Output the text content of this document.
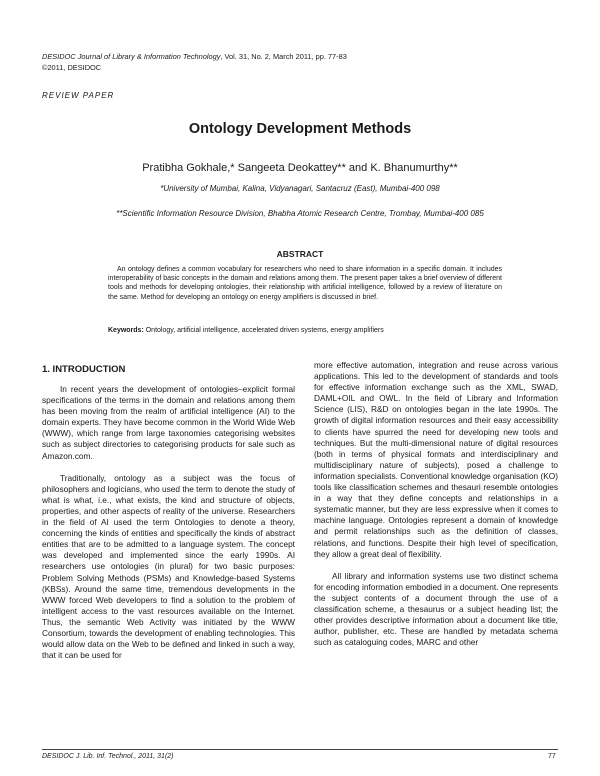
DESIDOC Journal of Library & Information Technology, Vol. 31, No. 2, March 2011, pp. 77-83
©2011, DESIDOC
REVIEW PAPER
Ontology Development Methods
Pratibha Gokhale,* Sangeeta Deokattey** and K. Bhanumurthy**
*University of Mumbai, Kalina, Vidyanagari, Santacruz (East), Mumbai-400 098
**Scientific Information Resource Division, Bhabha Atomic Research Centre, Trombay, Mumbai-400 085
ABSTRACT
An ontology defines a common vocabulary for researchers who need to share information in a specific domain. It includes interoperability of basic concepts in the domain and relations among them. The present paper takes a brief overview of different tools and methods for developing ontologies, their relationship with artificial intelligence, followed by a review of literature on the same. Method for developing an ontology on energy amplifiers is discussed in brief.
Keywords: Ontology, artificial intelligence, accelerated driven systems, energy amplifiers
1. INTRODUCTION

In recent years the development of ontologies–explicit formal specifications of the terms in the domain and relations among them has been moving from the realm of artificial intelligence (AI) to the domain experts. They have become common in the World Wide Web (WWW), which range from large taxonomies categorising websites such as subject directories to categorising products for sale such as Amazon.com.

Traditionally, ontology as a subject was the focus of philosophers and logicians, who used the term to denote the study of what is what, i.e., what exists, the kind and structure of objects, properties, and other aspects of reality of the universe. Researchers in the field of AI used the term Ontologies to denote a theory, concerning the kinds of entities and specifically the kinds of abstract entities that are to be admitted to a language system. The concept was developed and implemented since the early 1990s. AI researchers use ontologies (in plural) for two basic purposes: Problem Solving Methods (PSMs) and Knowledge-based Systems (KBSs). Around the same time, tremendous developments in the WWW forced Web developers to find a solution to the problem of intelligent access to the vast resources available on the Internet. Thus, the semantic Web Activity was initiated by the WWW Consortium, towards the development of enabling technologies. This would allow data on the Web to be defined and linked in such a way, that it can be used for

more effective automation, integration and reuse across various applications. This led to the development of standards and tools for effective information exchange such as the XML, SWAD, DAML+OIL and OWL. In the field of Library and Information Science (LIS), R&D on ontologies began in the late 1990s. The growth of digital information resources and their easy accessibility to clients have spurred the need for developing new tools and techniques. But the multi-dimensional nature of digital resources (both in terms of physical formats and interdisciplinary and multidisciplinary nature of subjects), posed a challenge to information specialists. Conventional knowledge organisation (KO) tools like classification schemes and thesauri resemble ontologies in a way that they define concepts and relationships in a systematic manner, but they are less expressive when it comes to machine language. Ontologies represent a domain of knowledge and permit relationships such as the definition of classes, relations, and functions. Despite their high level of specification, they allow a great deal of flexibility.

All library and information systems use two distinct schema for encoding information embodied in a document. One represents the subject contents of a document through the use of a classification scheme, a thesaurus or a subject heading list; the other provides descriptive information about a document like title, author, publisher, etc. These are handled by metadata schema such as cataloguing codes, MARC and other

DESIDOC J. Lib. Inf. Technol., 2011, 31(2)	77
